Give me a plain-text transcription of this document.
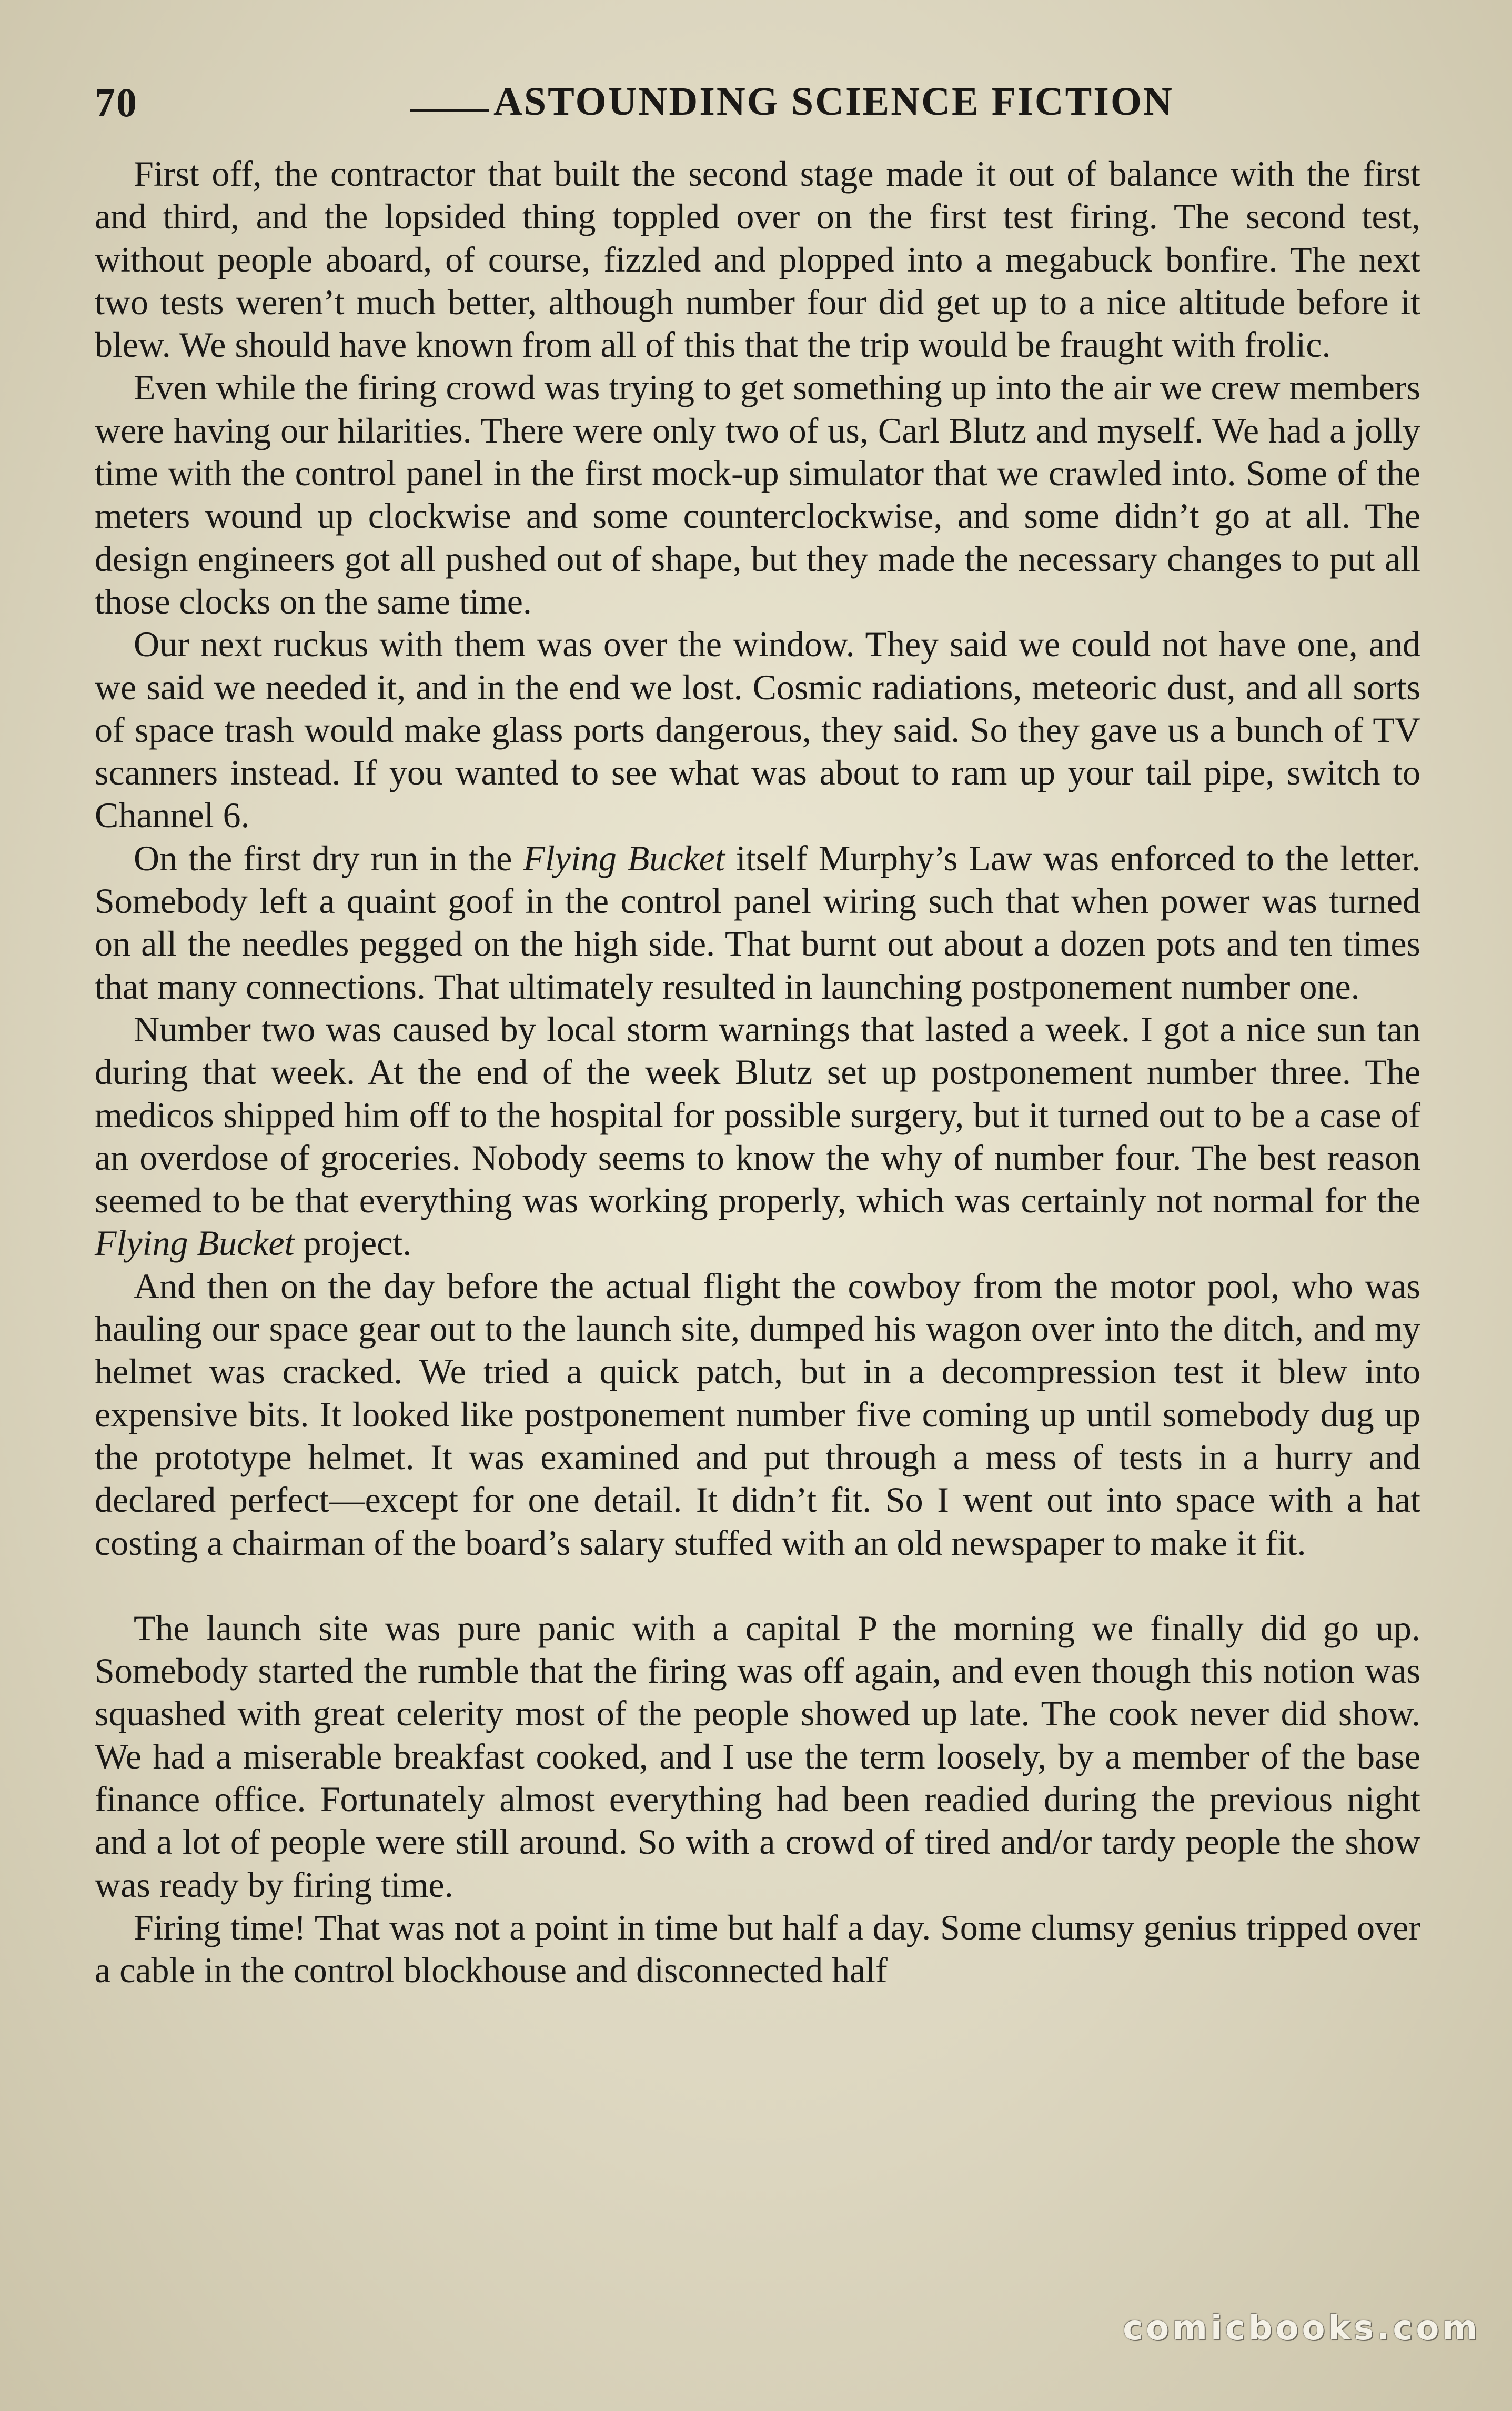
70	ASTOUNDING SCIENCE FICTION

First off, the contractor that built the second stage made it out of balance with the first and third, and the lopsided thing toppled over on the first test firing. The second test, without people aboard, of course, fizzled and plopped into a megabuck bonfire. The next two tests weren’t much better, although number four did get up to a nice altitude before it blew. We should have known from all of this that the trip would be fraught with frolic.

Even while the firing crowd was trying to get something up into the air we crew members were having our hilarities. There were only two of us, Carl Blutz and myself. We had a jolly time with the control panel in the first mock-up simulator that we crawled into. Some of the meters wound up clockwise and some counterclockwise, and some didn’t go at all. The design engineers got all pushed out of shape, but they made the necessary changes to put all those clocks on the same time.

Our next ruckus with them was over the window. They said we could not have one, and we said we needed it, and in the end we lost. Cosmic radiations, meteoric dust, and all sorts of space trash would make glass ports dangerous, they said. So they gave us a bunch of TV scanners instead. If you wanted to see what was about to ram up your tail pipe, switch to Channel 6.

On the first dry run in the Flying Bucket itself Murphy’s Law was enforced to the letter. Somebody left a quaint goof in the control panel wiring such that when power was turned on all the needles pegged on the high side. That burnt out about a dozen pots and ten times that many connections. That ultimately resulted in launching postponement number one.

Number two was caused by local storm warnings that lasted a week. I got a nice sun tan during that week. At the end of the week Blutz set up postponement number three. The medicos shipped him off to the hospital for possible surgery, but it turned out to be a case of an overdose of groceries. Nobody seems to know the why of number four. The best reason seemed to be that everything was working properly, which was certainly not normal for the Flying Bucket project.

And then on the day before the actual flight the cowboy from the motor pool, who was hauling our space gear out to the launch site, dumped his wagon over into the ditch, and my helmet was cracked. We tried a quick patch, but in a decompression test it blew into expensive bits. It looked like postponement number five coming up until somebody dug up the prototype helmet. It was examined and put through a mess of tests in a hurry and declared perfect—except for one detail. It didn’t fit. So I went out into space with a hat costing a chairman of the board’s salary stuffed with an old newspaper to make it fit.

The launch site was pure panic with a capital P the morning we finally did go up. Somebody started the rumble that the firing was off again, and even though this notion was squashed with great celerity most of the people showed up late. The cook never did show. We had a miserable breakfast cooked, and I use the term loosely, by a member of the base finance office. Fortunately almost everything had been readied during the previous night and a lot of people were still around. So with a crowd of tired and/or tardy people the show was ready by firing time.

Firing time! That was not a point in time but half a day. Some clumsy genius tripped over a cable in the control blockhouse and disconnected half

comicbooks.com
